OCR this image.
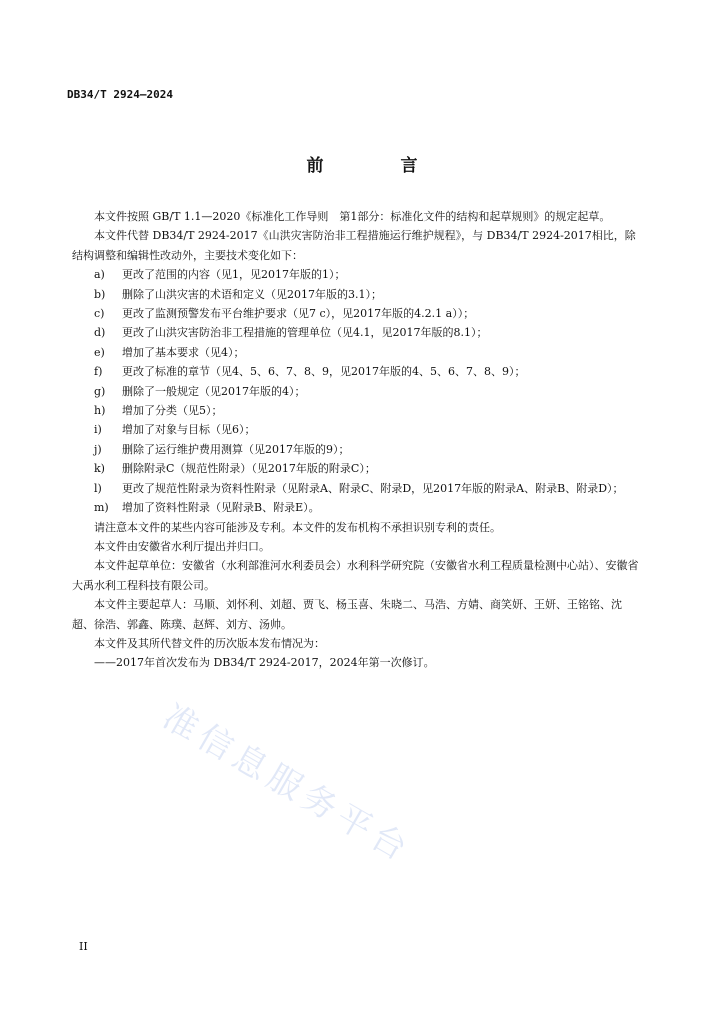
DB34/T 2924—2024
前　言

本文件按照 GB/T 1.1—2020《标准化工作导则　第1部分：标准化文件的结构和起草规则》的规定起草。

本文件代替 DB34/T 2924-2017《山洪灾害防治非工程措施运行维护规程》，与 DB34/T 2924-2017相比，除结构调整和编辑性改动外，主要技术变化如下：

a)	更改了范围的内容（见1，见2017年版的1）；
b)	删除了山洪灾害的术语和定义（见2017年版的3.1）；
c)	更改了监测预警发布平台维护要求（见7 c），见2017年版的4.2.1 a））；
d)	更改了山洪灾害防治非工程措施的管理单位（见4.1，见2017年版的8.1）；
e)	增加了基本要求（见4）；
f)	更改了标准的章节（见4、5、6、7、8、9，见2017年版的4、5、6、7、8、9）；
g)	删除了一般规定（见2017年版的4）；
h)	增加了分类（见5）；
i)	增加了对象与目标（见6）；
j)	删除了运行维护费用测算（见2017年版的9）；
k)	删除附录C（规范性附录）（见2017年版的附录C）；
l)	更改了规范性附录为资料性附录（见附录A、附录C、附录D，见2017年版的附录A、附录B、附录D）；
m)	增加了资料性附录（见附录B、附录E）。

请注意本文件的某些内容可能涉及专利。本文件的发布机构不承担识别专利的责任。

本文件由安徽省水利厅提出并归口。

本文件起草单位：安徽省（水利部淮河水利委员会）水利科学研究院（安徽省水利工程质量检测中心站）、安徽省大禹水利工程科技有限公司。

本文件主要起草人：马顺、刘怀利、刘超、贾飞、杨玉喜、朱晓二、马浩、方婧、商笑妍、王妍、王铭铭、沈超、徐浩、郭鑫、陈璞、赵辉、刘方、汤帅。

本文件及其所代替文件的历次版本发布情况为：

——2017年首次发布为 DB34/T 2924-2017，2024年第一次修订。

准信息服务平台
II
